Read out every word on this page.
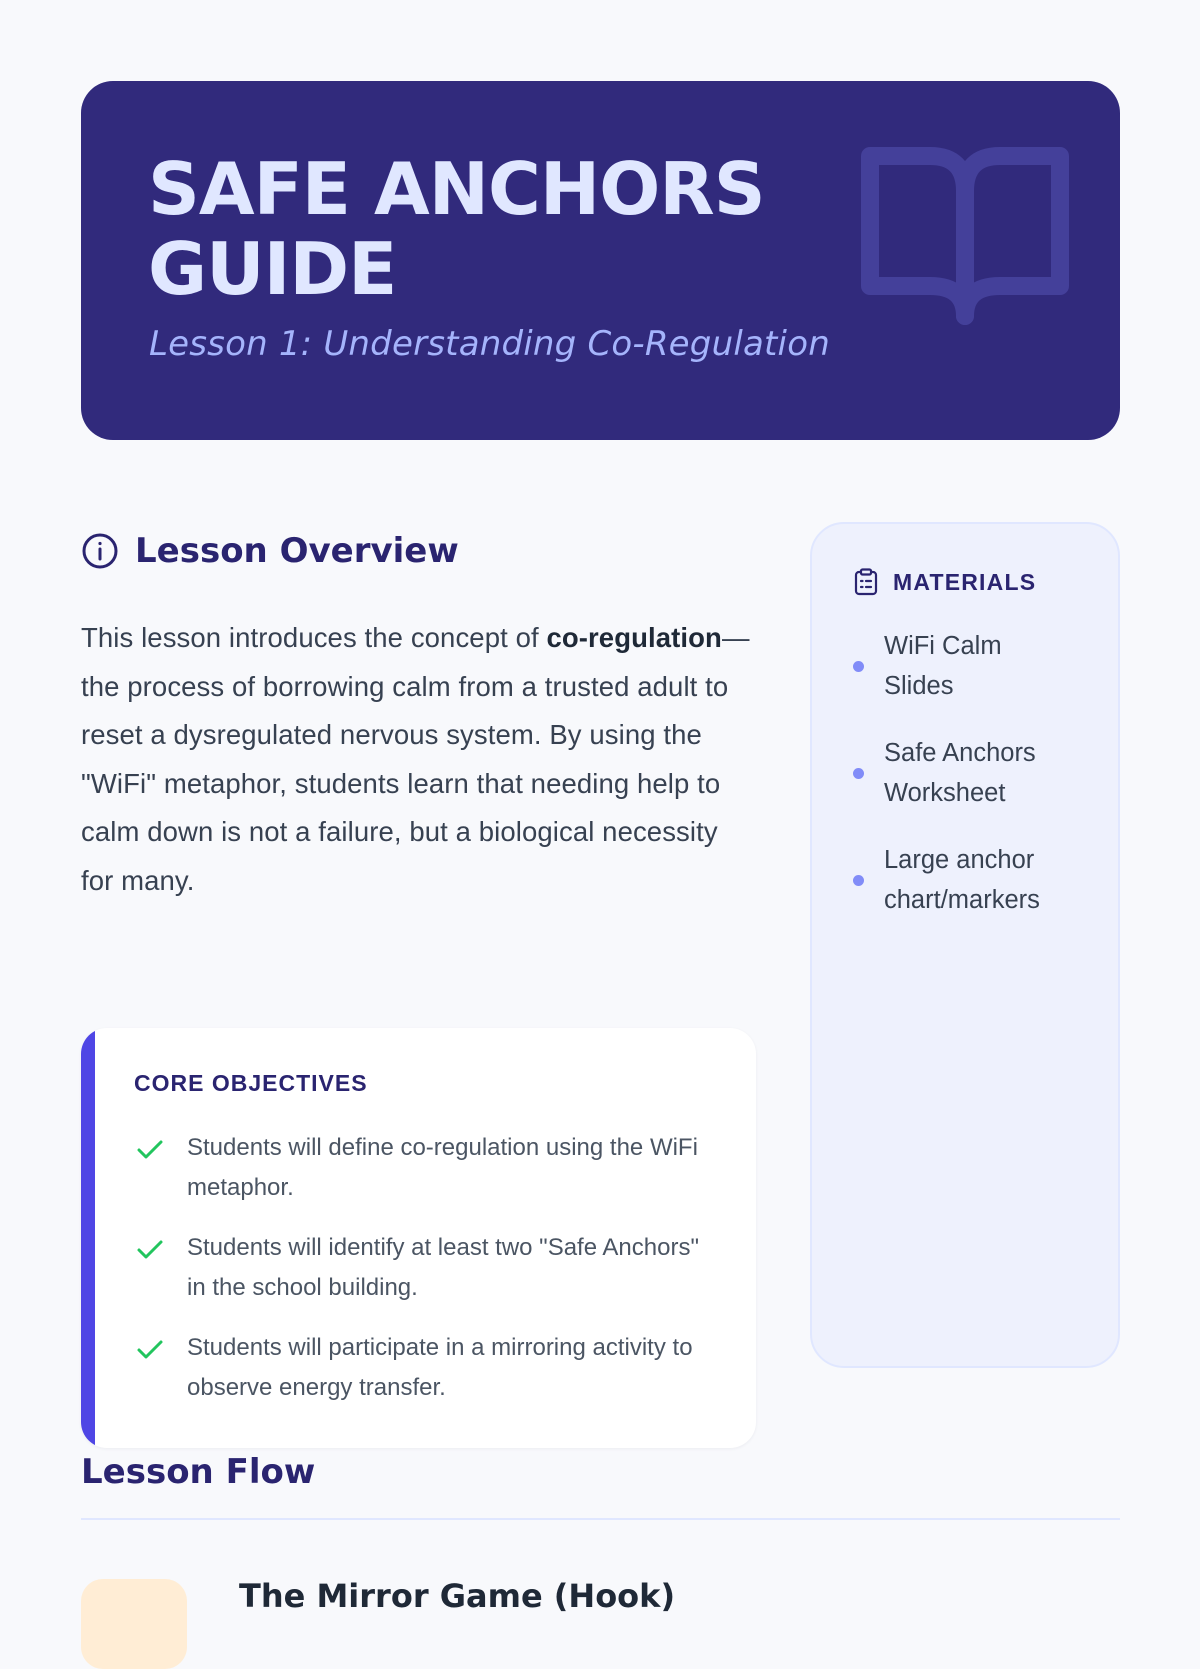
SAFE ANCHORS
GUIDE

Lesson 1: Understanding Co-Regulation

Lesson Overview

This lesson introduces the concept of co-regulation—the process of borrowing calm from a trusted adult to reset a dysregulated nervous system. By using the "WiFi" metaphor, students learn that needing help to calm down is not a failure, but a biological necessity for many.

CORE OBJECTIVES
Students will define co-regulation using the WiFi metaphor.
Students will identify at least two "Safe Anchors" in the school building.
Students will participate in a mirroring activity to observe energy transfer.
MATERIALS
WiFi Calm Slides
Safe Anchors Worksheet
Large anchor chart/markers
Lesson Flow
The Mirror Game (Hook)
